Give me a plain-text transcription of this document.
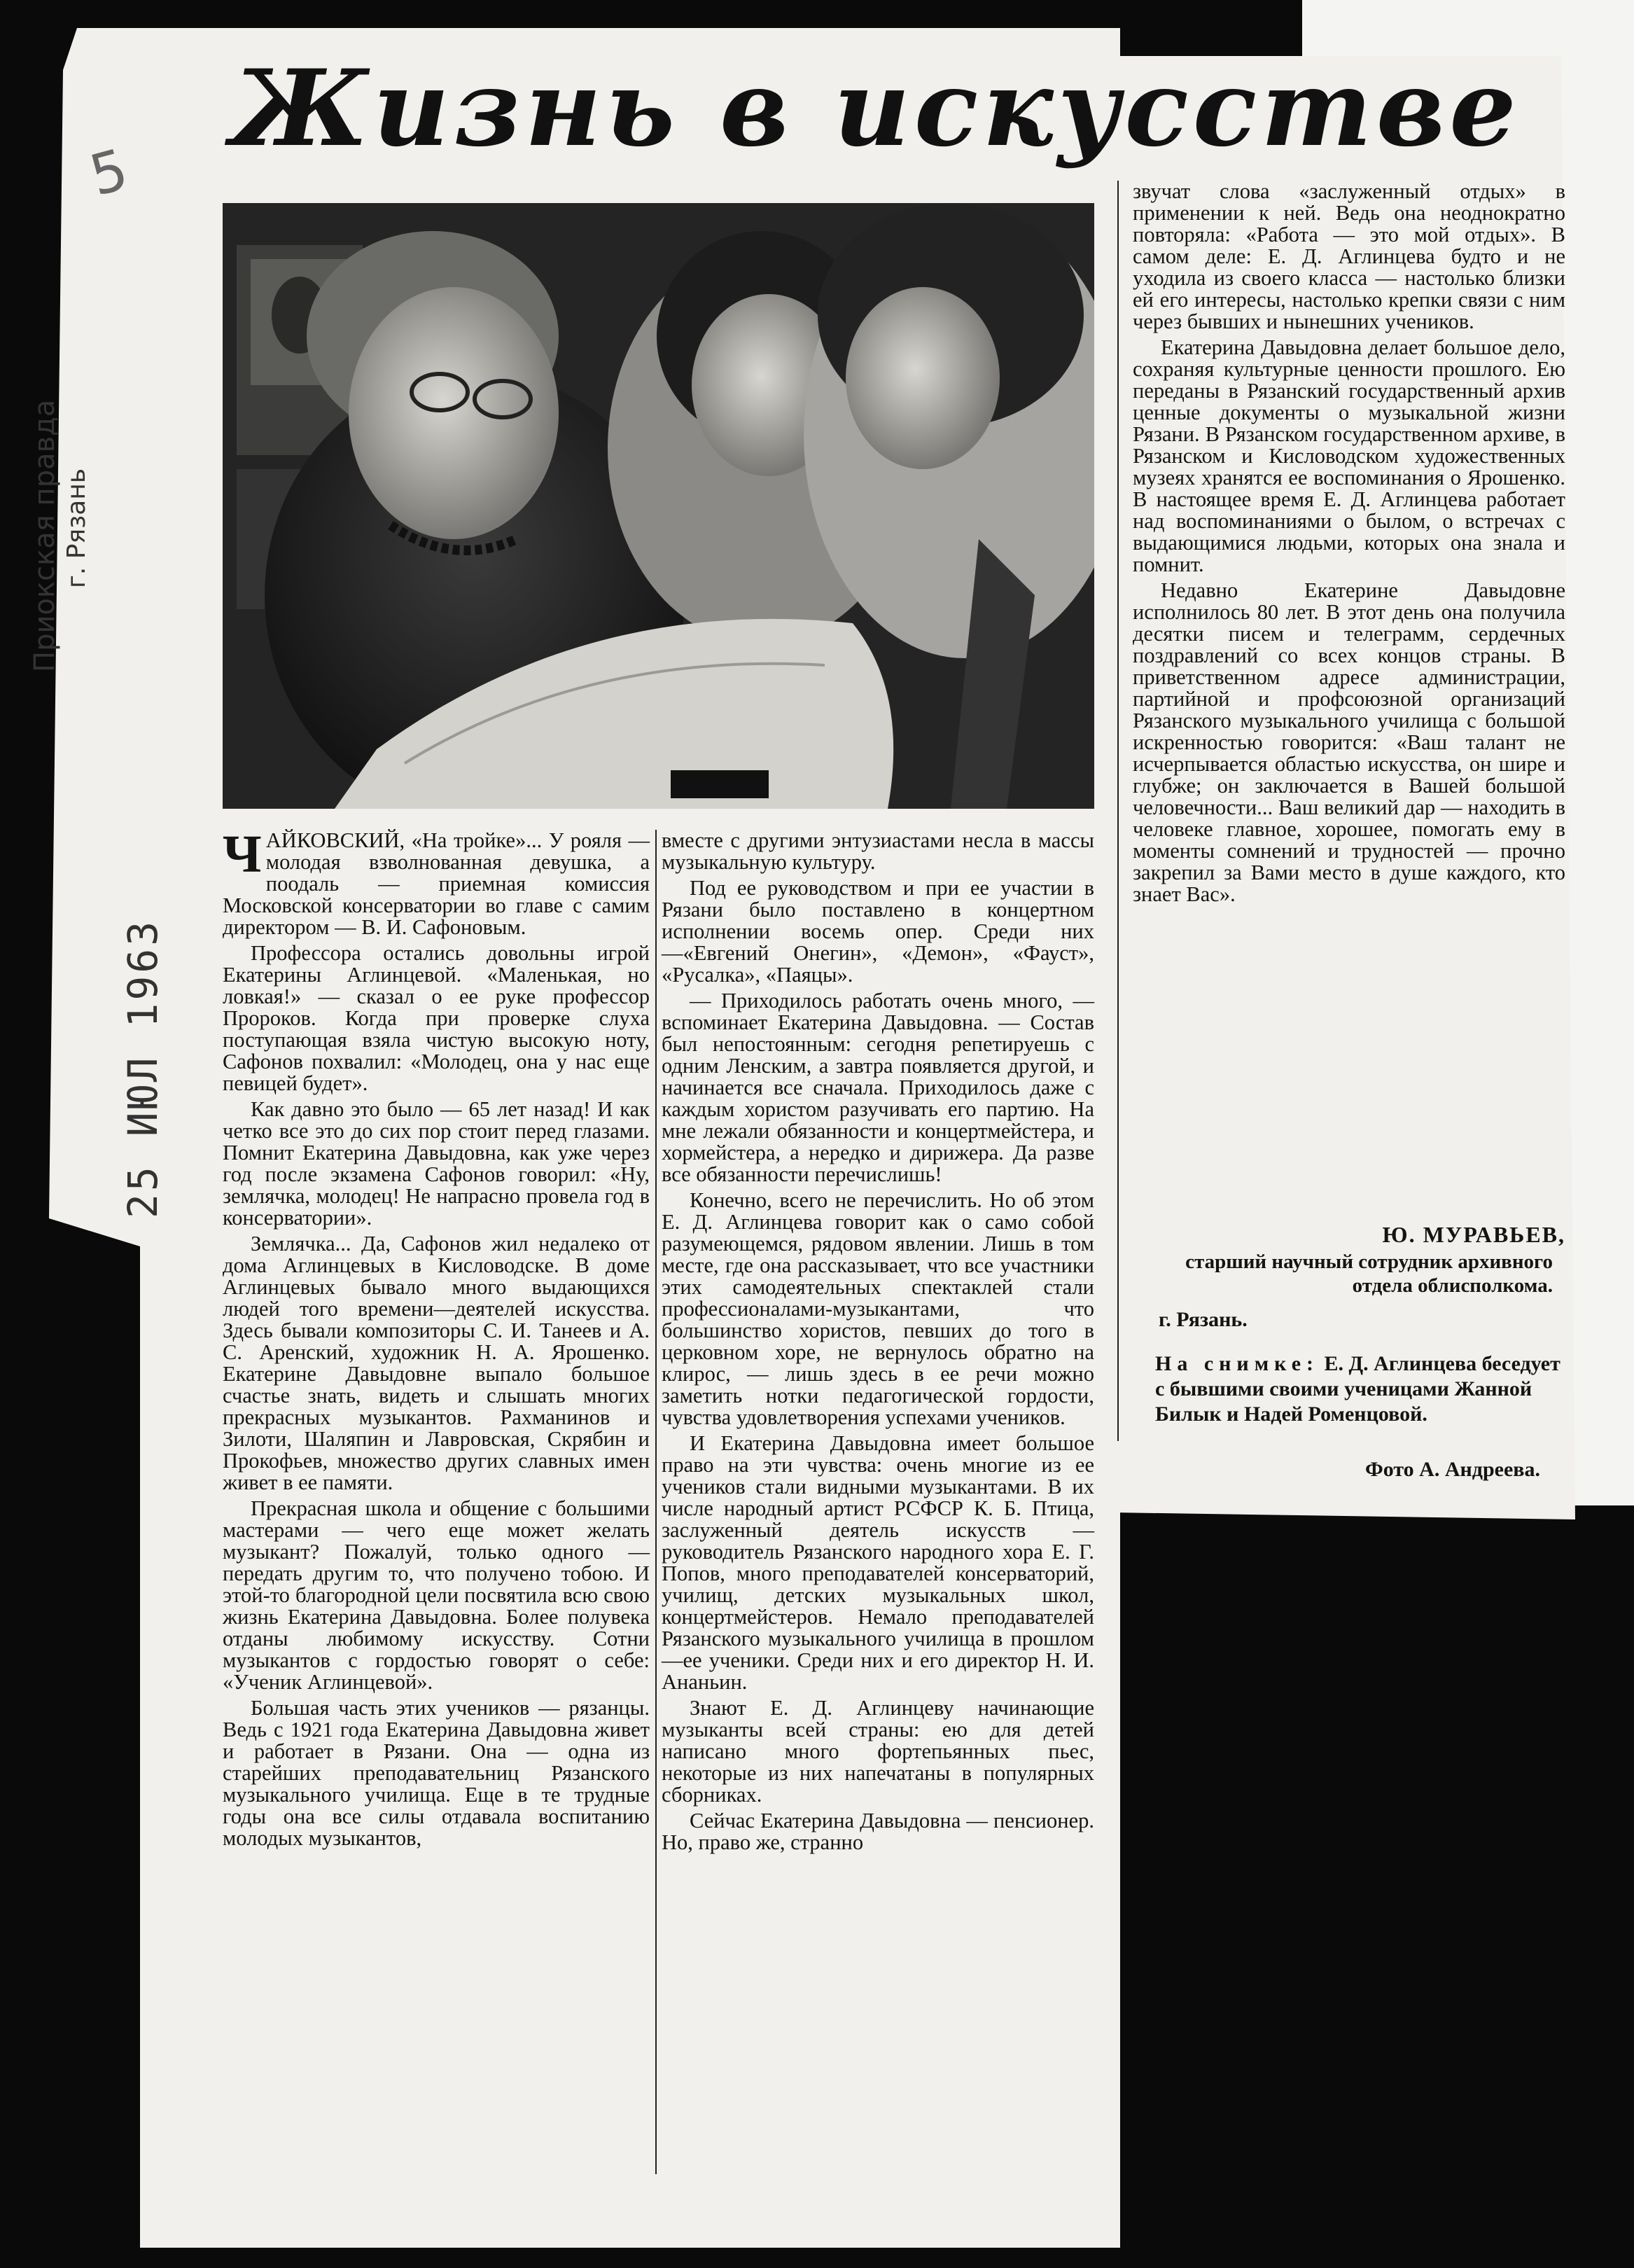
5
Приокская правда
25 ИЮЛ 1963
Жизнь в искусстве

ЧАЙКОВСКИЙ, «На тройке»... У рояля — молодая взволнованная девушка, а поодаль — приемная комиссия Московской консерватории во главе с самим директором — В. И. Сафоновым.

Профессора остались довольны игрой Екатерины Аглинцевой. «Маленькая, но ловкая!» — сказал о ее руке профессор Пророков. Когда при проверке слуха поступающая взяла чистую высокую ноту, Сафонов похвалил: «Молодец, она у нас еще певицей будет».

Как давно это было — 65 лет назад! И как четко все это до сих пор стоит перед глазами. Помнит Екатерина Давыдовна, как уже через год после экзамена Сафонов говорил: «Ну, землячка, молодец! Не напрасно провела год в консерватории».

Землячка... Да, Сафонов жил недалеко от дома Аглинцевых в Кисловодске. В доме Аглинцевых бывало много выдающихся людей того времени—деятелей искусства. Здесь бывали композиторы С. И. Танеев и А. С. Аренский, художник Н. А. Ярошенко. Екатерине Давыдовне выпало большое счастье знать, видеть и слышать многих прекрасных музыкантов. Рахманинов и Зилоти, Шаляпин и Лавровская, Скрябин и Прокофьев, множество других славных имен живет в ее памяти.

Прекрасная школа и общение с большими мастерами — чего еще может желать музыкант? Пожалуй, только одного — передать другим то, что получено тобою. И этой-то благородной цели посвятила всю свою жизнь Екатерина Давыдовна. Более полувека отданы любимому искусству. Сотни музыкантов с гордостью говорят о себе: «Ученик Аглинцевой».

Большая часть этих учеников — рязанцы. Ведь с 1921 года Екатерина Давыдовна живет и работает в Рязани. Она — одна из старейших преподавательниц Рязанского музыкального училища. Еще в те трудные годы она все силы отдавала воспитанию молодых музыкантов,

вместе с другими энтузиастами несла в массы музыкальную культуру.

Под ее руководством и при ее участии в Рязани было поставлено в концертном исполнении восемь опер. Среди них—«Евгений Онегин», «Демон», «Фауст», «Русалка», «Паяцы».

— Приходилось работать очень много, — вспоминает Екатерина Давыдовна. — Состав был непостоянным: сегодня репетируешь с одним Ленским, а завтра появляется другой, и начинается все сначала. Приходилось даже с каждым хористом разучивать его партию. На мне лежали обязанности и концертмейстера, и хормейстера, а нередко и дирижера. Да разве все обязанности перечислишь!

Конечно, всего не перечислить. Но об этом Е. Д. Аглинцева говорит как о само собой разумеющемся, рядовом явлении. Лишь в том месте, где она рассказывает, что все участники этих самодеятельных спектаклей стали профессионалами-музыкантами, что большинство хористов, певших до того в церковном хоре, не вернулось обратно на клирос, — лишь здесь в ее речи можно заметить нотки педагогической гордости, чувства удовлетворения успехами учеников.

И Екатерина Давыдовна имеет большое право на эти чувства: очень многие из ее учеников стали видными музыкантами. В их числе народный артист РСФСР К. Б. Птица, заслуженный деятель искусств — руководитель Рязанского народного хора Е. Г. Попов, много преподавателей консерваторий, училищ, детских музыкальных школ, концертмейстеров. Немало преподавателей Рязанского музыкального училища в прошлом—ее ученики. Среди них и его директор Н. И. Ананьин.

Знают Е. Д. Аглинцеву начинающие музыканты всей страны: ею для детей написано много фортепьянных пьес, некоторые из них напечатаны в популярных сборниках.

Сейчас Екатерина Давыдовна — пенсионер. Но, право же, странно

звучат слова «заслуженный отдых» в применении к ней. Ведь она неоднократно повторяла: «Работа — это мой отдых». В самом деле: Е. Д. Аглинцева будто и не уходила из своего класса — настолько близки ей его интересы, настолько крепки связи с ним через бывших и нынешних учеников.

Екатерина Давыдовна делает большое дело, сохраняя культурные ценности прошлого. Ею переданы в Рязанский государственный архив ценные документы о музыкальной жизни Рязани. В Рязанском государственном архиве, в Рязанском и Кисловодском художественных музеях хранятся ее воспоминания о Ярошенко. В настоящее время Е. Д. Аглинцева работает над воспоминаниями о былом, о встречах с выдающимися людьми, которых она знала и помнит.

Недавно Екатерине Давыдовне исполнилось 80 лет. В этот день она получила десятки писем и телеграмм, сердечных поздравлений со всех концов страны. В приветственном адресе администрации, партийной и профсоюзной организаций Рязанского музыкального училища с большой искренностью говорится: «Ваш талант не исчерпывается областью искусства, он шире и глубже; он заключается в Вашей большой человечности... Ваш великий дар — находить в человеке главное, хорошее, помогать ему в моменты сомнений и трудностей — прочно закрепил за Вами место в душе каждого, кто знает Вас».

Ю. МУРАВЬЕВ,
старший научный сотрудник архивного отдела облисполкома.
г. Рязань.
На снимке: Е. Д. Аглинцева беседует с бывшими своими ученицами Жанной Билык и Надей Роменцовой.
Фото А. Андреева.
